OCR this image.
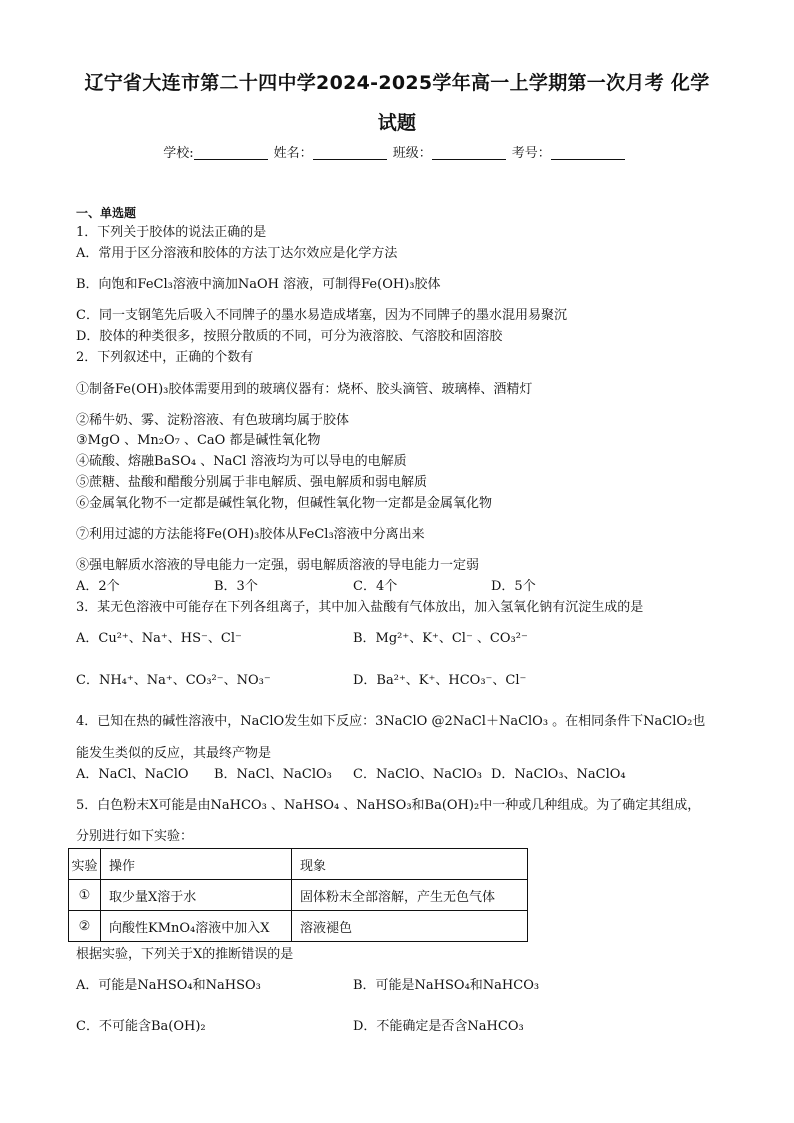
辽宁省大连市第二十四中学2024-2025学年高一上学期第一次月考 化学
试题
学校:	姓名：	班级：	考号：
一、单选题
1．下列关于胶体的说法正确的是
A．常用于区分溶液和胶体的方法丁达尔效应是化学方法
B．向饱和FeCl₃溶液中滴加NaOH 溶液，可制得Fe(OH)₃胶体
C．同一支钢笔先后吸入不同牌子的墨水易造成堵塞，因为不同牌子的墨水混用易聚沉
D．胶体的种类很多，按照分散质的不同，可分为液溶胶、气溶胶和固溶胶
2．下列叙述中，正确的个数有
①制备Fe(OH)₃胶体需要用到的玻璃仪器有：烧杯、胶头滴管、玻璃棒、酒精灯
②稀牛奶、雾、淀粉溶液、有色玻璃均属于胶体
③MgO 、Mn₂O₇ 、CaO 都是碱性氧化物
④硫酸、熔融BaSO₄ 、NaCl 溶液均为可以导电的电解质
⑤蔗糖、盐酸和醋酸分别属于非电解质、强电解质和弱电解质
⑥金属氧化物不一定都是碱性氧化物，但碱性氧化物一定都是金属氧化物
⑦利用过滤的方法能将Fe(OH)₃胶体从FeCl₃溶液中分离出来
⑧强电解质水溶液的导电能力一定强，弱电解质溶液的导电能力一定弱
A．2个	B．3个	C．4个	D．5个
3．某无色溶液中可能存在下列各组离子，其中加入盐酸有气体放出，加入氢氧化钠有沉淀生成的是
A．Cu²⁺、Na⁺、HS⁻、Cl⁻	B．Mg²⁺、K⁺、Cl⁻ 、CO₃²⁻
C．NH₄⁺、Na⁺、CO₃²⁻、NO₃⁻	D．Ba²⁺、K⁺、HCO₃⁻、Cl⁻
4．已知在热的碱性溶液中，NaClO发生如下反应：3NaClO @2NaCl＋NaClO₃ 。在相同条件下NaClO₂也
能发生类似的反应，其最终产物是
A．NaCl、NaClO B．NaCl、NaClO₃ C．NaClO、NaClO₃ D．NaClO₃、NaClO₄
5．白色粉末X可能是由NaHCO₃ 、NaHSO₄ 、NaHSO₃和Ba(OH)₂中一种或几种组成。为了确定其组成，
分别进行如下实验：
实验	操作	现象
①	取少量X溶于水	固体粉末全部溶解，产生无色气体
②	向酸性KMnO₄溶液中加入X	溶液褪色
根据实验，下列关于X的推断错误的是
A．可能是NaHSO₄和NaHSO₃	B．可能是NaHSO₄和NaHCO₃
C．不可能含Ba(OH)₂	D．不能确定是否含NaHCO₃
